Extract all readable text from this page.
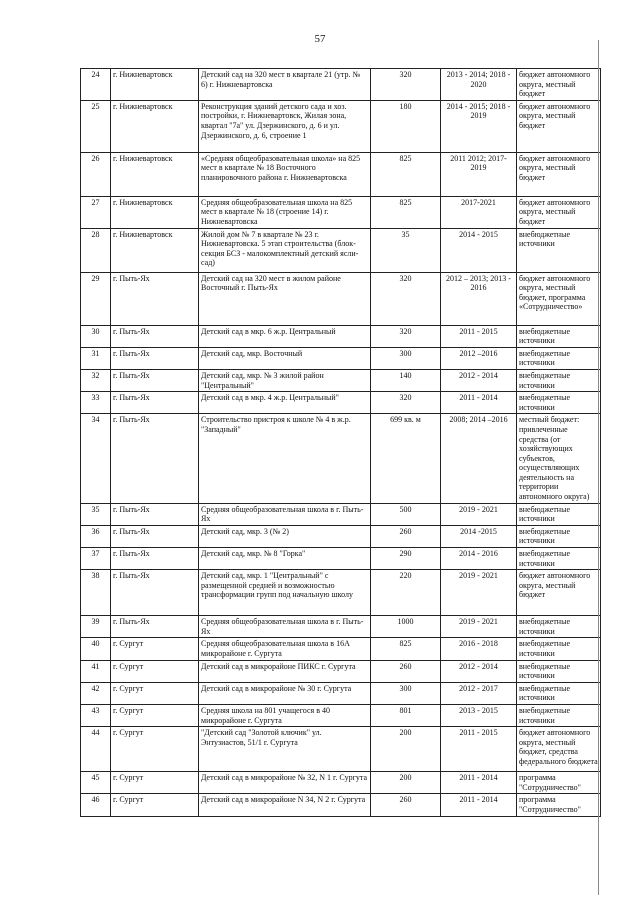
57
24	г. Нижневартовск	Детский сад на 320 мест в квартале 21 (утр. № 6) г. Нижневартовска	320	2013 - 2014; 2018 - 2020	бюджет автономного округа, местный бюджет
25	г. Нижневартовск	Реконструкция зданий детского сада и хоз. постройки, г. Нижневартовск, Жилая зона, квартал "7а" ул. Дзержинского, д. 6 и ул. Дзержинского, д. 6, строение 1	180	2014 - 2015; 2018 - 2019	бюджет автономного округа, местный бюджет
26	г. Нижневартовск	«Средняя общеобразовательная школа» на 825 мест в квартале № 18 Восточного планировочного района г. Нижневартовска	825	2011 2012; 2017-2019	бюджет автономного округа, местный бюджет
27	г. Нижневартовск	Средняя общеобразовательная школа на 825 мест в квартале № 18 (строение 14) г. Нижневартовска	825	2017-2021	бюджет автономного округа, местный бюджет
28	г. Нижневартовск	Жилой дом № 7 в квартале № 23 г. Нижневартовска. 5 этап строительства (блок-секция БСЗ - малокомплектный детский ясли-сад)	35	2014 - 2015	внебюджетные источники
29	г. Пыть-Ях	Детский сад на 320 мест в жилом районе Восточный г. Пыть-Ях	320	2012 – 2013; 2013 - 2016	бюджет автономного округа, местный бюджет, программа «Сотрудничество»
30	г. Пыть-Ях	Детский сад в мкр. 6 ж.р. Центральный	320	2011 - 2015	внебюджетные источники
31	г. Пыть-Ях	Детский сад, мкр. Восточный	300	2012 –2016	внебюджетные источники
32	г. Пыть-Ях	Детский сад, мкр. № 3 жилой район "Центральный"	140	2012 - 2014	внебюджетные источники
33	г. Пыть-Ях	Детский сад в мкр. 4 ж.р. Центральный"	320	2011 - 2014	внебюджетные источники
34	г. Пыть-Ях	Строительство пристроя к школе № 4 в ж.р. "Западный"	699 кв. м	2008; 2014 –2016	местный бюджет: привлеченные средства (от хозяйствующих субъектов, осуществляющих деятельность на территории автономного округа)
35	г. Пыть-Ях	Средняя общеобразовательная школа в г. Пыть-Ях	500	2019 - 2021	внебюджетные источники
36	г. Пыть-Ях	Детский сад, мкр. 3 (№ 2)	260	2014 -2015	внебюджетные источники
37	г. Пыть-Ях	Детский сад, мкр. № 8 "Горка"	290	2014 - 2016	внебюджетные источники
38	г. Пыть-Ях	Детский сад, мкр. 1 "Центральный" с размещенной средней и возможностью трансформации групп под начальную школу	220	2019 - 2021	бюджет автономного округа, местный бюджет
39	г. Пыть-Ях	Средняя общеобразовательная школа в г. Пыть-Ях	1000	2019 - 2021	внебюджетные источники
40	г. Сургут	Средняя общеобразовательная школа в 16А микрорайоне г. Сургута	825	2016 - 2018	внебюджетные источники
41	г. Сургут	Детский сад в микрорайоне ПИКС г. Сургута	260	2012 - 2014	внебюджетные источники
42	г. Сургут	Детский сад в микрорайоне № 30 г. Сургута	300	2012 - 2017	внебюджетные источники
43	г. Сургут	Средняя школа на 801 учащегося в 40 микрорайоне г. Сургута	801	2013 - 2015	внебюджетные источники
44	г. Сургут	"Детский сад "Золотой ключик" ул. Энтузиастов, 51/1 г. Сургута	200	2011 - 2015	бюджет автономного округа, местный бюджет, средства федерального бюджета
45	г. Сургут	Детский сад в микрорайоне № 32, N 1 г. Сургута	200	2011 - 2014	программа "Сотрудничество"
46	г. Сургут	Детский сад в микрорайоне N 34, N 2 г. Сургута	260	2011 - 2014	программа "Сотрудничество"
